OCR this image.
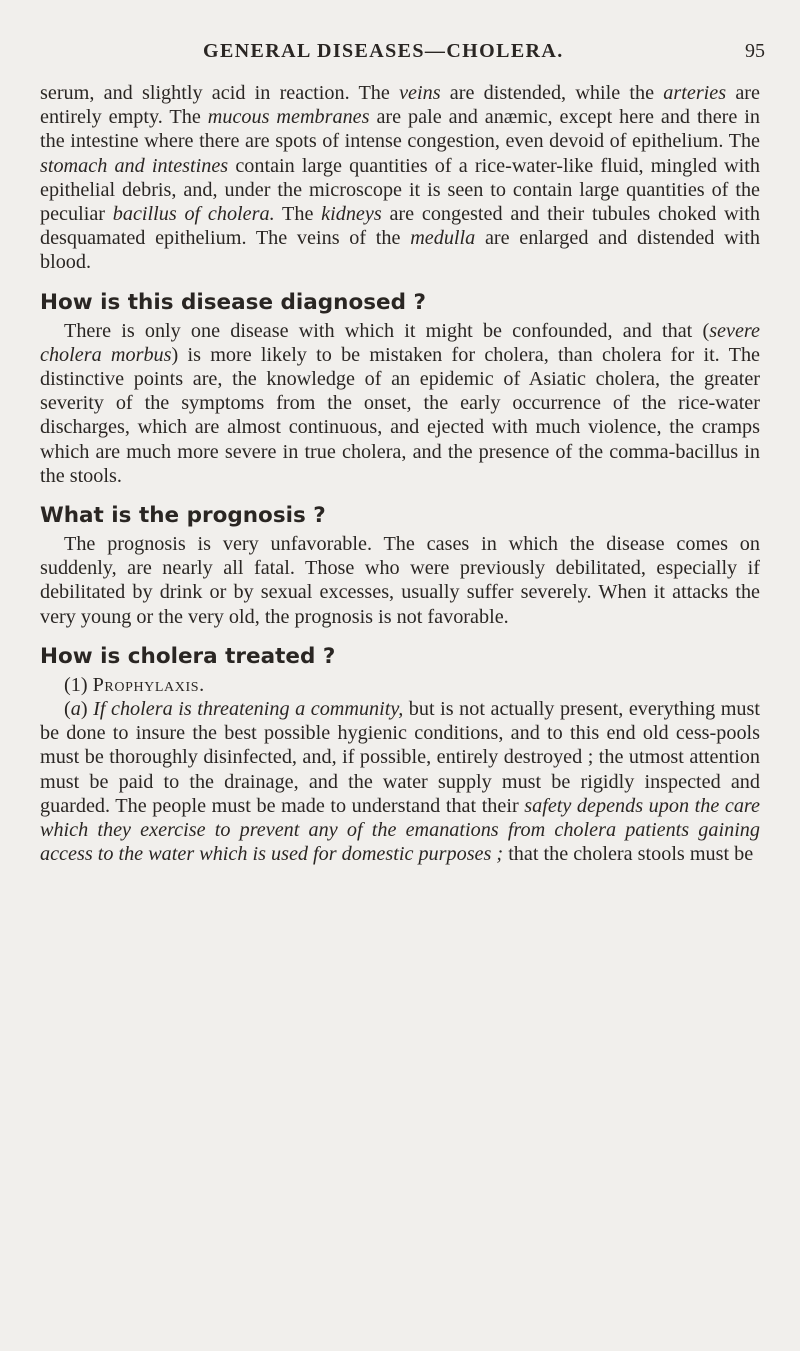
GENERAL DISEASES—CHOLERA.	95

serum, and slightly acid in reaction. The veins are distended, while the arteries are entirely empty. The mucous membranes are pale and anæmic, except here and there in the intestine where there are spots of intense congestion, even devoid of epithelium. The stomach and intestines contain large quantities of a rice-water-like fluid, mingled with epithelial debris, and, under the microscope it is seen to contain large quantities of the peculiar bacillus of cholera. The kidneys are congested and their tubules choked with desquamated epithelium. The veins of the medulla are enlarged and distended with blood.

How is this disease diagnosed ?

There is only one disease with which it might be confounded, and that (severe cholera morbus) is more likely to be mistaken for cholera, than cholera for it. The distinctive points are, the knowledge of an epidemic of Asiatic cholera, the greater severity of the symptoms from the onset, the early occurrence of the rice-water discharges, which are almost continuous, and ejected with much violence, the cramps which are much more severe in true cholera, and the presence of the comma-bacillus in the stools.

What is the prognosis ?

The prognosis is very unfavorable. The cases in which the disease comes on suddenly, are nearly all fatal. Those who were previously debilitated, especially if debilitated by drink or by sexual excesses, usually suffer severely. When it attacks the very young or the very old, the prognosis is not favorable.

How is cholera treated ?

(1) Prophylaxis.

(a) If cholera is threatening a community, but is not actually present, everything must be done to insure the best possible hygienic conditions, and to this end old cess-pools must be thoroughly disinfected, and, if possible, entirely destroyed ; the utmost attention must be paid to the drainage, and the water supply must be rigidly inspected and guarded. The people must be made to understand that their safety depends upon the care which they exercise to prevent any of the emanations from cholera patients gaining access to the water which is used for domestic purposes ; that the cholera stools must be
